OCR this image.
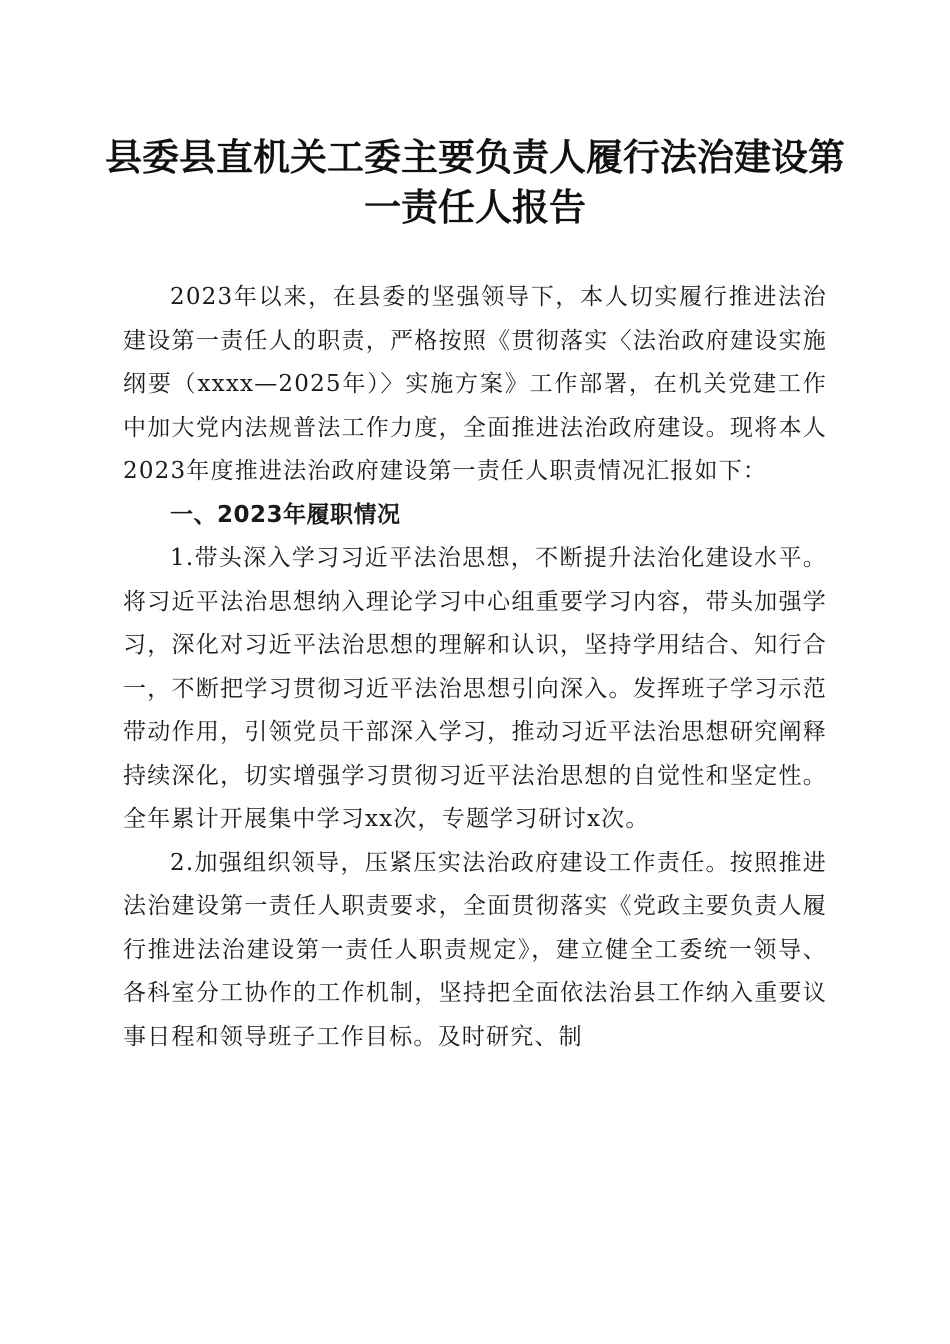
县委县直机关工委主要负责人履行法治建设第
一责任人报告

2023年以来，在县委的坚强领导下，本人切实履行推进法治建设第一责任人的职责，严格按照《贯彻落实〈法治政府建设实施纲要（xxxx—2025年）〉实施方案》工作部署，在机关党建工作中加大党内法规普法工作力度，全面推进法治政府建设。现将本人2023年度推进法治政府建设第一责任人职责情况汇报如下：

一、2023年履职情况

1.带头深入学习习近平法治思想，不断提升法治化建设水平。将习近平法治思想纳入理论学习中心组重要学习内容，带头加强学习，深化对习近平法治思想的理解和认识，坚持学用结合、知行合一，不断把学习贯彻习近平法治思想引向深入。发挥班子学习示范带动作用，引领党员干部深入学习，推动习近平法治思想研究阐释持续深化，切实增强学习贯彻习近平法治思想的自觉性和坚定性。全年累计开展集中学习xx次，专题学习研讨x次。

2.加强组织领导，压紧压实法治政府建设工作责任。按照推进法治建设第一责任人职责要求，全面贯彻落实《党政主要负责人履行推进法治建设第一责任人职责规定》，建立健全工委统一领导、各科室分工协作的工作机制，坚持把全面依法治县工作纳入重要议事日程和领导班子工作目标。及时研究、制
